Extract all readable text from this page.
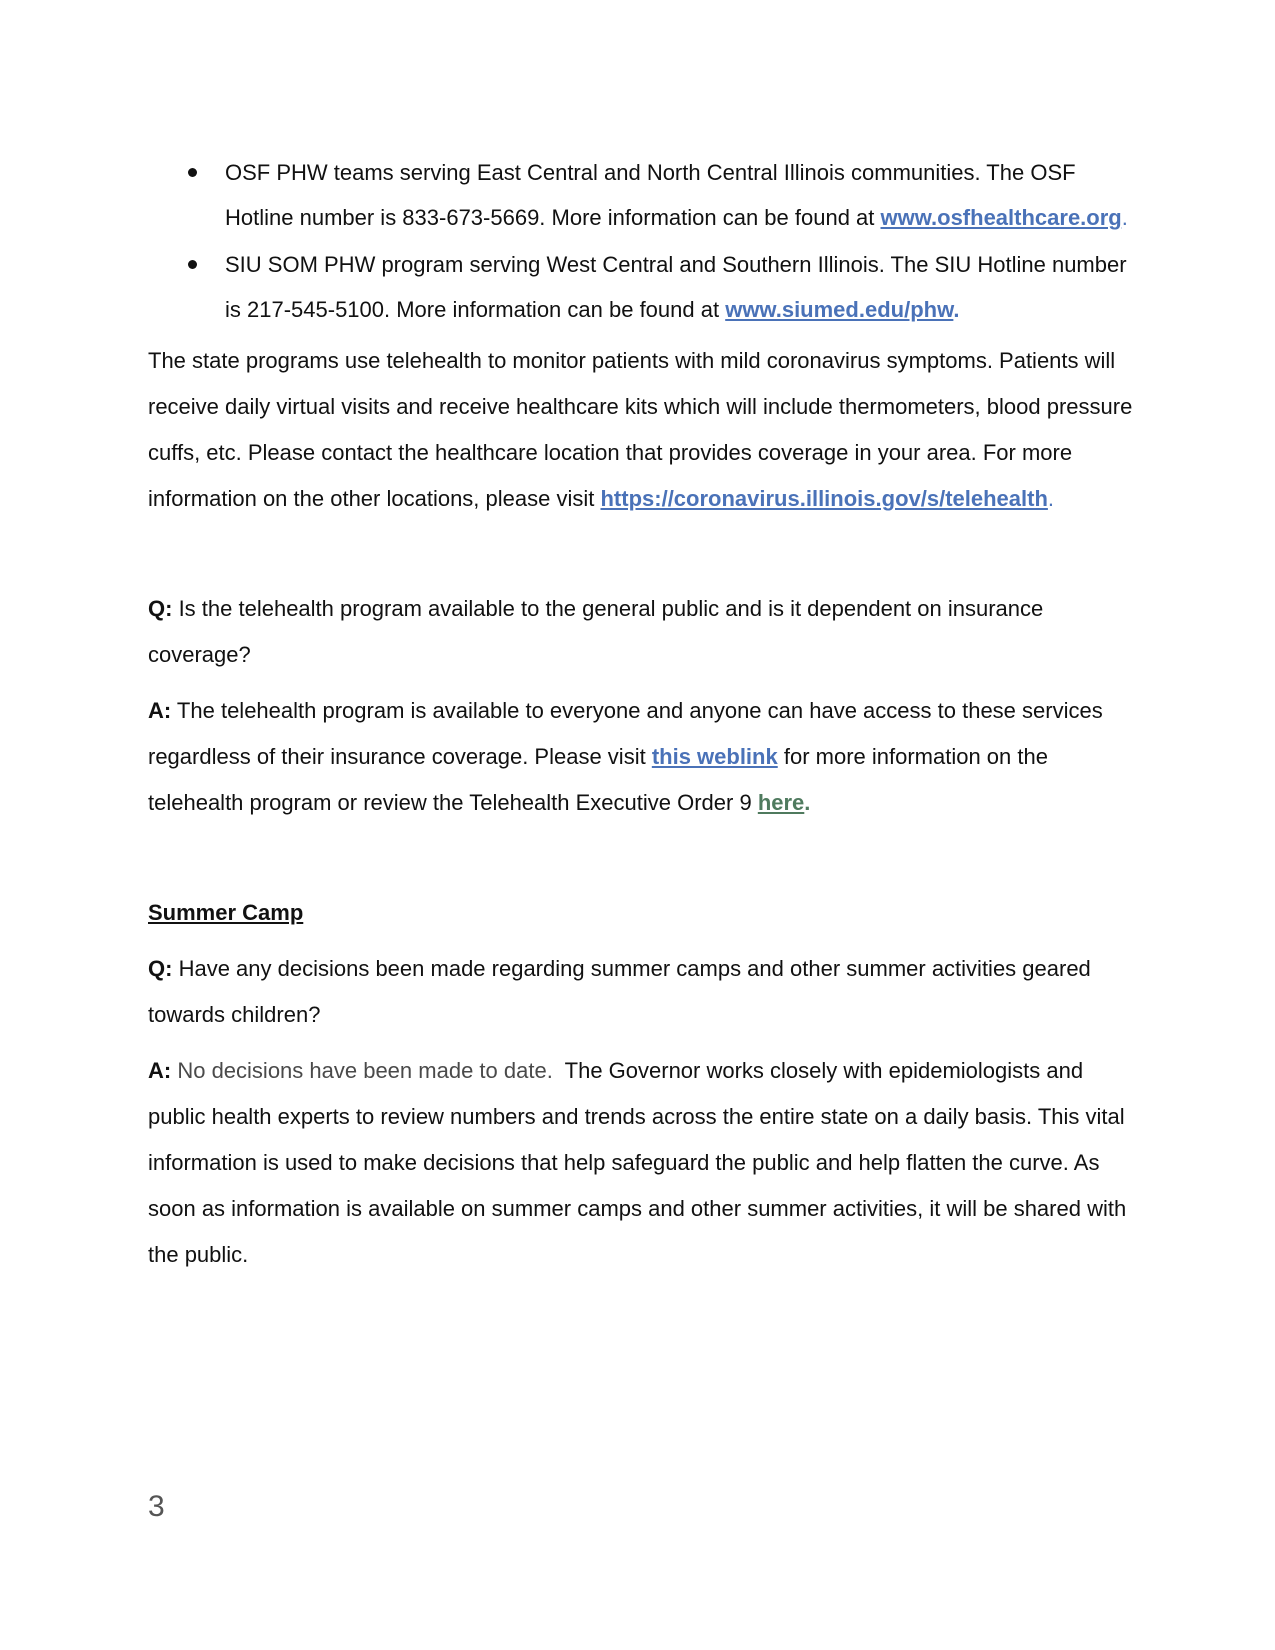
OSF PHW teams serving East Central and North Central Illinois communities. The OSF Hotline number is 833-673-5669. More information can be found at www.osfhealthcare.org.
SIU SOM PHW program serving West Central and Southern Illinois. The SIU Hotline number is 217-545-5100. More information can be found at www.siumed.edu/phw.

The state programs use telehealth to monitor patients with mild coronavirus symptoms. Patients will receive daily virtual visits and receive healthcare kits which will include thermometers, blood pressure cuffs, etc. Please contact the healthcare location that provides coverage in your area. For more information on the other locations, please visit https://coronavirus.illinois.gov/s/telehealth.

Q: Is the telehealth program available to the general public and is it dependent on insurance coverage?

A: The telehealth program is available to everyone and anyone can have access to these services regardless of their insurance coverage. Please visit this weblink for more information on the telehealth program or review the Telehealth Executive Order 9 here.

Summer Camp

Q: Have any decisions been made regarding summer camps and other summer activities geared towards children?

A: No decisions have been made to date.  The Governor works closely with epidemiologists and public health experts to review numbers and trends across the entire state on a daily basis. This vital information is used to make decisions that help safeguard the public and help flatten the curve. As soon as information is available on summer camps and other summer activities, it will be shared with the public.

3
